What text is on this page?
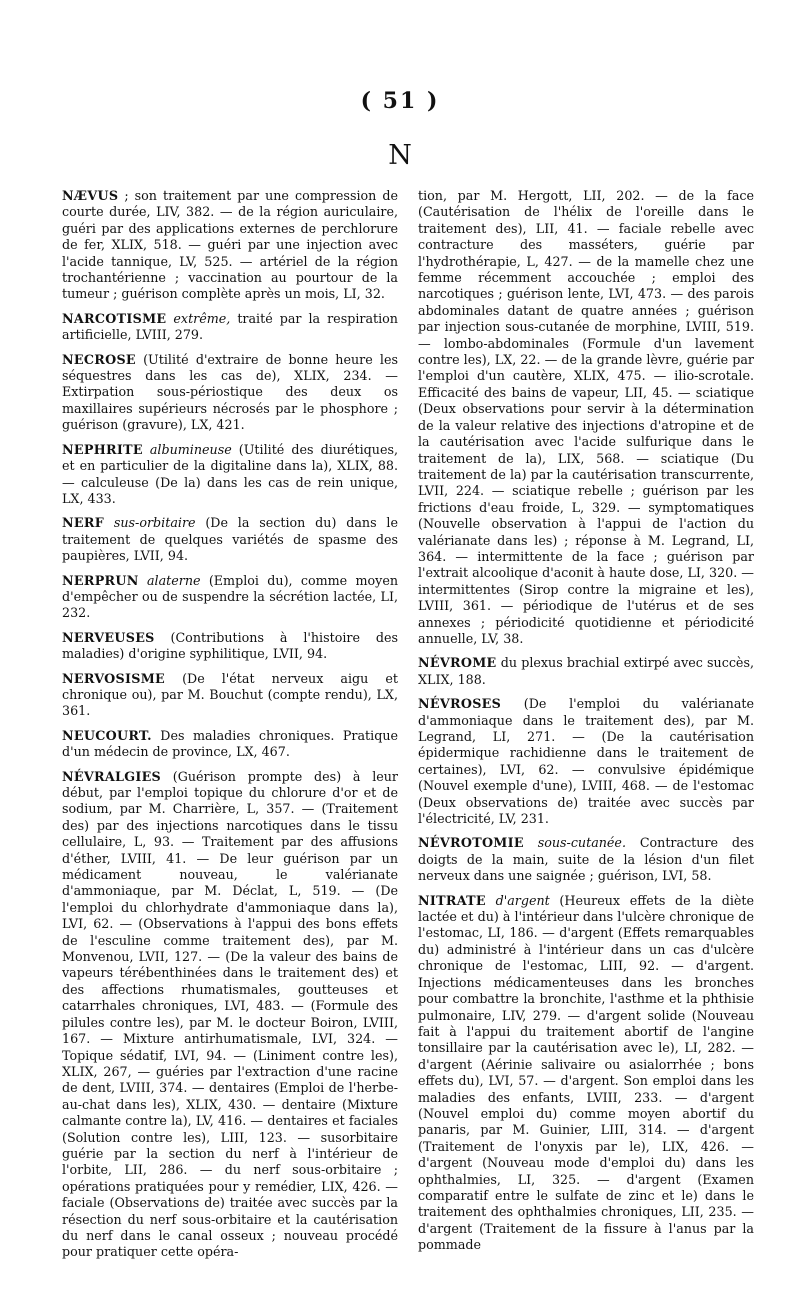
( 51 )
N

NÆVUS ; son traitement par une compression de courte durée, LIV, 382. — de la région auriculaire, guéri par des applications externes de perchlorure de fer, XLIX, 518. — guéri par une injection avec l'acide tannique, LV, 525. — artériel de la région trochantérienne ; vaccination au pourtour de la tumeur ; guérison complète après un mois, LI, 32.

NARCOTISME extrême, traité par la respiration artificielle, LVIII, 279.

NECROSE (Utilité d'extraire de bonne heure les séquestres dans les cas de), XLIX, 234. — Extirpation sous-périostique des deux os maxillaires supérieurs nécrosés par le phosphore ; guérison (gravure), LX, 421.

NEPHRITE albumineuse (Utilité des diurétiques, et en particulier de la digitaline dans la), XLIX, 88. — calculeuse (De la) dans les cas de rein unique, LX, 433.

NERF sus-orbitaire (De la section du) dans le traitement de quelques variétés de spasme des paupières, LVII, 94.

NERPRUN alaterne (Emploi du), comme moyen d'empêcher ou de suspendre la sécrétion lactée, LI, 232.

NERVEUSES (Contributions à l'histoire des maladies) d'origine syphilitique, LVII, 94.

NERVOSISME (De l'état nerveux aigu et chronique ou), par M. Bouchut (compte rendu), LX, 361.

NEUCOURT. Des maladies chroniques. Pratique d'un médecin de province, LX, 467.

NÉVRALGIES (Guérison prompte des) à leur début, par l'emploi topique du chlorure d'or et de sodium, par M. Charrière, L, 357. — (Traitement des) par des injections narcotiques dans le tissu cellulaire, L, 93. — Traitement par des affusions d'éther, LVIII, 41. — De leur guérison par un médicament nouveau, le valérianate d'ammoniaque, par M. Déclat, L, 519. — (De l'emploi du chlorhydrate d'ammoniaque dans la), LVI, 62. — (Observations à l'appui des bons effets de l'esculine comme traitement des), par M. Monvenou, LVII, 127. — (De la valeur des bains de vapeurs térébenthinées dans le traitement des) et des affections rhumatismales, goutteuses et catarrhales chroniques, LVI, 483. — (Formule des pilules contre les), par M. le docteur Boiron, LVIII, 167. — Mixture antirhumatismale, LVI, 324. — Topique sédatif, LVI, 94. — (Liniment contre les), XLIX, 267, — guéries par l'extraction d'une racine de dent, LVIII, 374. — dentaires (Emploi de l'herbe-au-chat dans les), XLIX, 430. — dentaire (Mixture calmante contre la), LV, 416. — dentaires et faciales (Solution contre les), LIII, 123. — susorbitaire guérie par la section du nerf à l'intérieur de l'orbite, LII, 286. — du nerf sous-orbitaire ; opérations pratiquées pour y remédier, LIX, 426. — faciale (Observations de) traitée avec succès par la résection du nerf sous-orbitaire et la cautérisation du nerf dans le canal osseux ; nouveau procédé pour pratiquer cette opéra-

tion, par M. Hergott, LII, 202. — de la face (Cautérisation de l'hélix de l'oreille dans le traitement des), LII, 41. — faciale rebelle avec contracture des masséters, guérie par l'hydrothérapie, L, 427. — de la mamelle chez une femme récemment accouchée ; emploi des narcotiques ; guérison lente, LVI, 473. — des parois abdominales datant de quatre années ; guérison par injection sous-cutanée de morphine, LVIII, 519. — lombo-abdominales (Formule d'un lavement contre les), LX, 22. — de la grande lèvre, guérie par l'emploi d'un cautère, XLIX, 475. — ilio-scrotale. Efficacité des bains de vapeur, LII, 45. — sciatique (Deux observations pour servir à la détermination de la valeur relative des injections d'atropine et de la cautérisation avec l'acide sulfurique dans le traitement de la), LIX, 568. — sciatique (Du traitement de la) par la cautérisation transcurrente, LVII, 224. — sciatique rebelle ; guérison par les frictions d'eau froide, L, 329. — symptomatiques (Nouvelle observation à l'appui de l'action du valérianate dans les) ; réponse à M. Legrand, LI, 364. — intermittente de la face ; guérison par l'extrait alcoolique d'aconit à haute dose, LI, 320. — intermittentes (Sirop contre la migraine et les), LVIII, 361. — périodique de l'utérus et de ses annexes ; périodicité quotidienne et périodicité annuelle, LV, 38.

NÉVROME du plexus brachial extirpé avec succès, XLIX, 188.

NÉVROSES (De l'emploi du valérianate d'ammoniaque dans le traitement des), par M. Legrand, LI, 271. — (De la cautérisation épidermique rachidienne dans le traitement de certaines), LVI, 62. — convulsive épidémique (Nouvel exemple d'une), LVIII, 468. — de l'estomac (Deux observations de) traitée avec succès par l'électricité, LV, 231.

NÉVROTOMIE sous-cutanée. Contracture des doigts de la main, suite de la lésion d'un filet nerveux dans une saignée ; guérison, LVI, 58.

NITRATE d'argent (Heureux effets de la diète lactée et du) à l'intérieur dans l'ulcère chronique de l'estomac, LI, 186. — d'argent (Effets remarquables du) administré à l'intérieur dans un cas d'ulcère chronique de l'estomac, LIII, 92. — d'argent. Injections médicamenteuses dans les bronches pour combattre la bronchite, l'asthme et la phthisie pulmonaire, LIV, 279. — d'argent solide (Nouveau fait à l'appui du traitement abortif de l'angine tonsillaire par la cautérisation avec le), LI, 282. — d'argent (Aérinie salivaire ou asialorrhée ; bons effets du), LVI, 57. — d'argent. Son emploi dans les maladies des enfants, LVIII, 233. — d'argent (Nouvel emploi du) comme moyen abortif du panaris, par M. Guinier, LIII, 314. — d'argent (Traitement de l'onyxis par le), LIX, 426. — d'argent (Nouveau mode d'emploi du) dans les ophthalmies, LI, 325. — d'argent (Examen comparatif entre le sulfate de zinc et le) dans le traitement des ophthalmies chroniques, LII, 235. — d'argent (Traitement de la fissure à l'anus par la pommade
